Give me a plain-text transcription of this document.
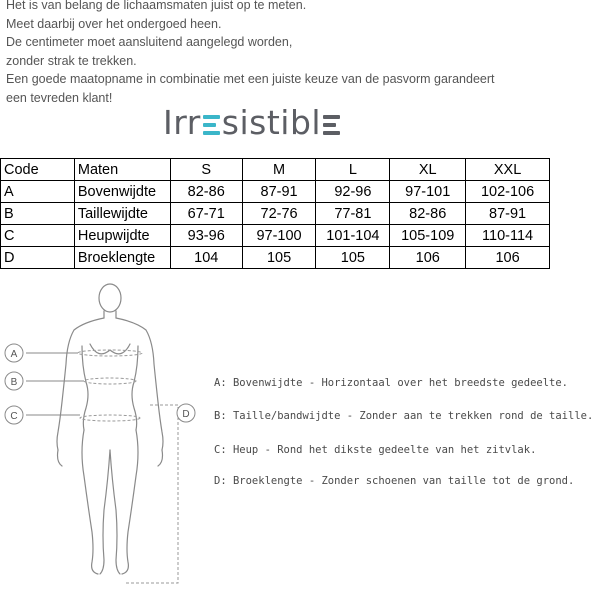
Het is van belang de lichaamsmaten juist op te meten.
Meet daarbij over het ondergoed heen.
De centimeter moet aansluitend aangelegd worden,
zonder strak te trekken.
Een goede maatopname in combinatie met een juiste keuze van de pasvorm garandeert
een tevreden klant!
Irr sistibl
Code	Maten	S	M	L	XL	XXL
A	Bovenwijdte	82-86	87-91	92-96	97-101	102-106
B	Taillewijdte	67-71	72-76	77-81	82-86	87-91
C	Heupwijdte	93-96	97-100	101-104	105-109	110-114
D	Broeklengte	104	105	105	106	106
A
B
C	D
A: Bovenwijdte - Horizontaal over het breedste gedeelte.
B: Taille/bandwijdte - Zonder aan te trekken rond de taille.
C: Heup - Rond het dikste gedeelte van het zitvlak.
D: Broeklengte - Zonder schoenen van taille tot de grond.
